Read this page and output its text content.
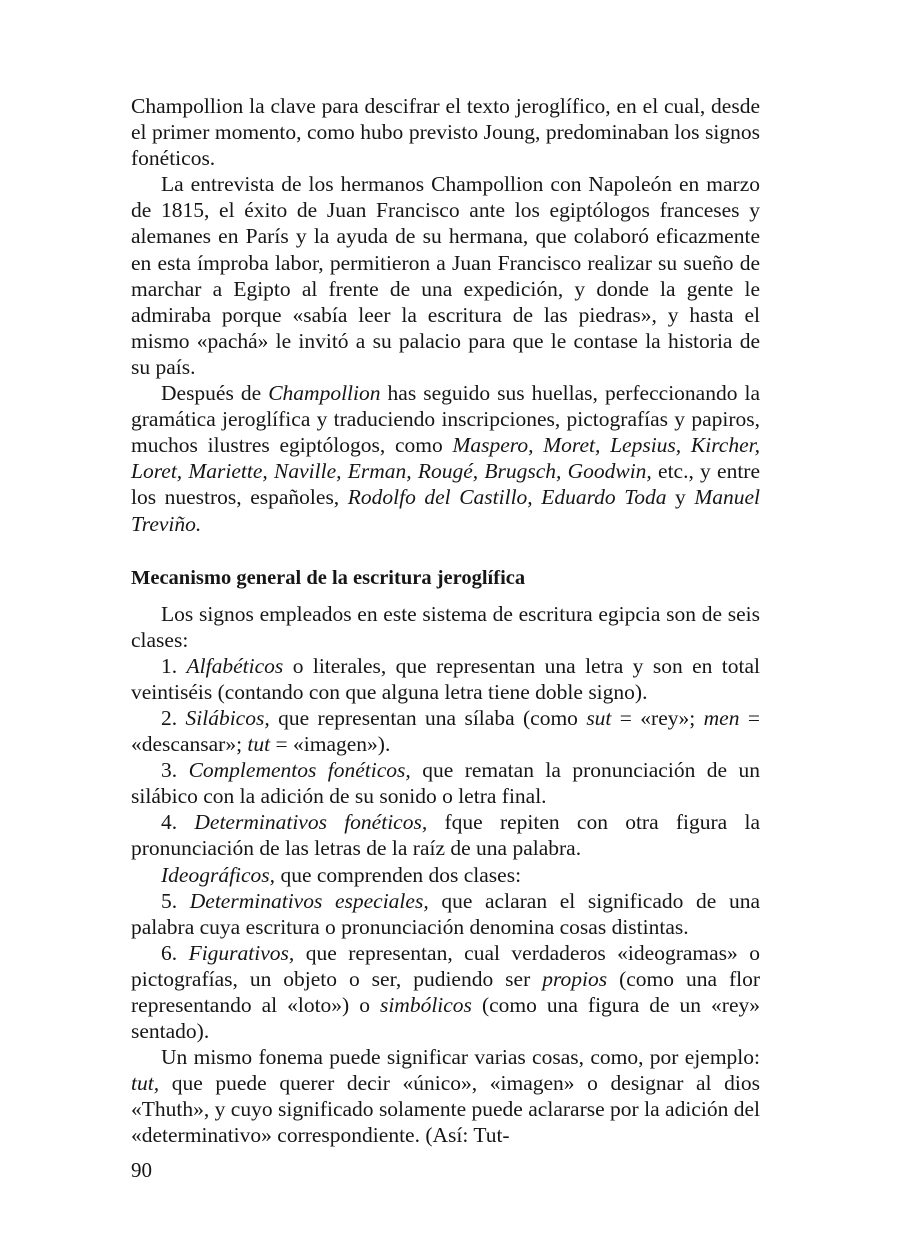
Champollion la clave para descifrar el texto jeroglífico, en el cual, desde el primer momento, como hubo previsto Joung, predominaban los signos fonéticos.

La entrevista de los hermanos Champollion con Napoleón en marzo de 1815, el éxito de Juan Francisco ante los egiptólogos franceses y alemanes en París y la ayuda de su hermana, que colaboró eficazmente en esta ímproba labor, permitieron a Juan Francisco realizar su sueño de marchar a Egipto al frente de una expedición, y donde la gente le admiraba porque «sabía leer la escritura de las piedras», y hasta el mismo «pachá» le invitó a su palacio para que le contase la historia de su país.

Después de Champollion has seguido sus huellas, perfeccionando la gramática jeroglífica y traduciendo inscripciones, pictografías y papiros, muchos ilustres egiptólogos, como Maspero, Moret, Lepsius, Kircher, Loret, Mariette, Naville, Erman, Rougé, Brugsch, Goodwin, etc., y entre los nuestros, españoles, Rodolfo del Castillo, Eduardo Toda y Manuel Treviño.

Mecanismo general de la escritura jeroglífica

Los signos empleados en este sistema de escritura egipcia son de seis clases:

1. Alfabéticos o literales, que representan una letra y son en total veintiséis (contando con que alguna letra tiene doble signo).

2. Silábicos, que representan una sílaba (como sut = «rey»; men = «descansar»; tut = «imagen»).

3. Complementos fonéticos, que rematan la pronunciación de un silábico con la adición de su sonido o letra final.

4. Determinativos fonéticos, fque repiten con otra figura la pronunciación de las letras de la raíz de una palabra.

Ideográficos, que comprenden dos clases:

5. Determinativos especiales, que aclaran el significado de una palabra cuya escritura o pronunciación denomina cosas distintas.

6. Figurativos, que representan, cual verdaderos «ideogramas» o pictografías, un objeto o ser, pudiendo ser propios (como una flor representando al «loto») o simbólicos (como una figura de un «rey» sentado).

Un mismo fonema puede significar varias cosas, como, por ejemplo: tut, que puede querer decir «único», «imagen» o designar al dios «Thuth», y cuyo significado solamente puede aclararse por la adición del «determinativo» correspondiente. (Así: Tut-

90
